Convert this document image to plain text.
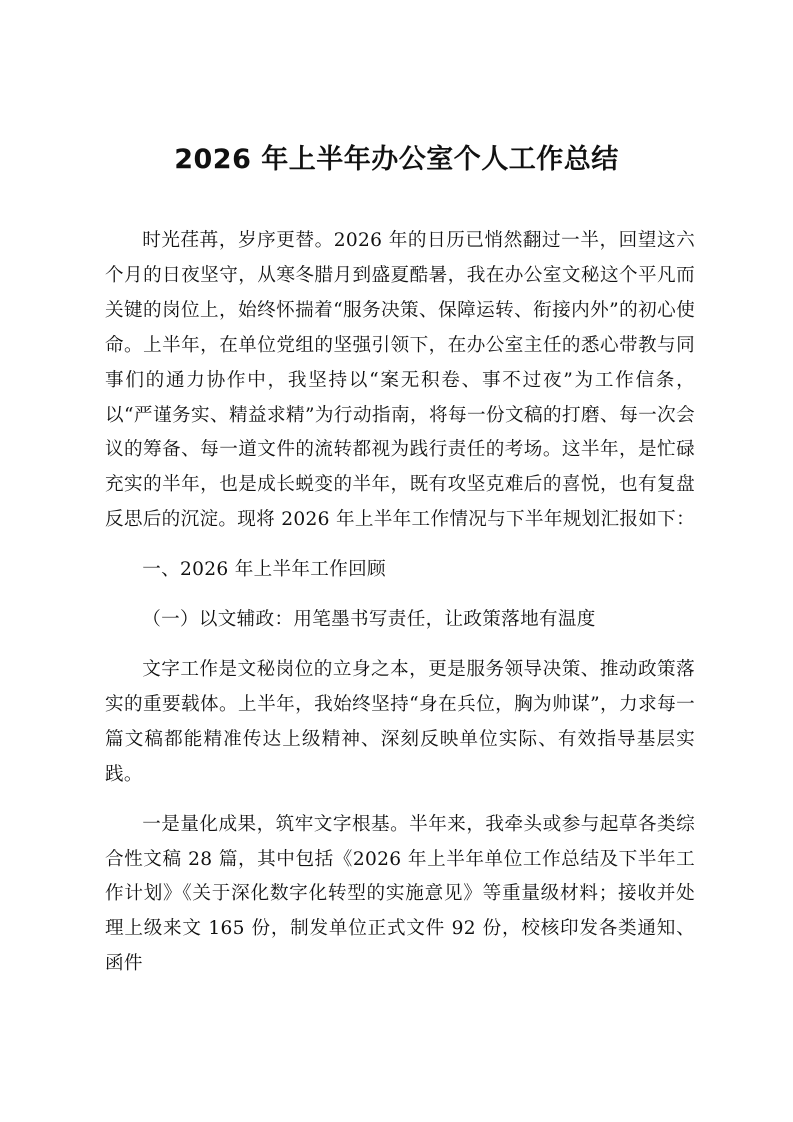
2026 年上半年办公室个人工作总结

时光荏苒，岁序更替。2026 年的日历已悄然翻过一半，回望这六个月的日夜坚守，从寒冬腊月到盛夏酷暑，我在办公室文秘这个平凡而关键的岗位上，始终怀揣着“服务决策、保障运转、衔接内外”的初心使命。上半年，在单位党组的坚强引领下，在办公室主任的悉心带教与同事们的通力协作中，我坚持以“案无积卷、事不过夜”为工作信条，以“严谨务实、精益求精”为行动指南，将每一份文稿的打磨、每一次会议的筹备、每一道文件的流转都视为践行责任的考场。这半年，是忙碌充实的半年，也是成长蜕变的半年，既有攻坚克难后的喜悦，也有复盘反思后的沉淀。现将 2026 年上半年工作情况与下半年规划汇报如下：

一、2026 年上半年工作回顾

（一）以文辅政：用笔墨书写责任，让政策落地有温度

文字工作是文秘岗位的立身之本，更是服务领导决策、推动政策落实的重要载体。上半年，我始终坚持“身在兵位，胸为帅谋”，力求每一篇文稿都能精准传达上级精神、深刻反映单位实际、有效指导基层实践。

一是量化成果，筑牢文字根基。半年来，我牵头或参与起草各类综合性文稿 28 篇，其中包括《2026 年上半年单位工作总结及下半年工作计划》《关于深化数字化转型的实施意见》等重量级材料；接收并处理上级来文 165 份，制发单位正式文件 92 份，校核印发各类通知、函件
